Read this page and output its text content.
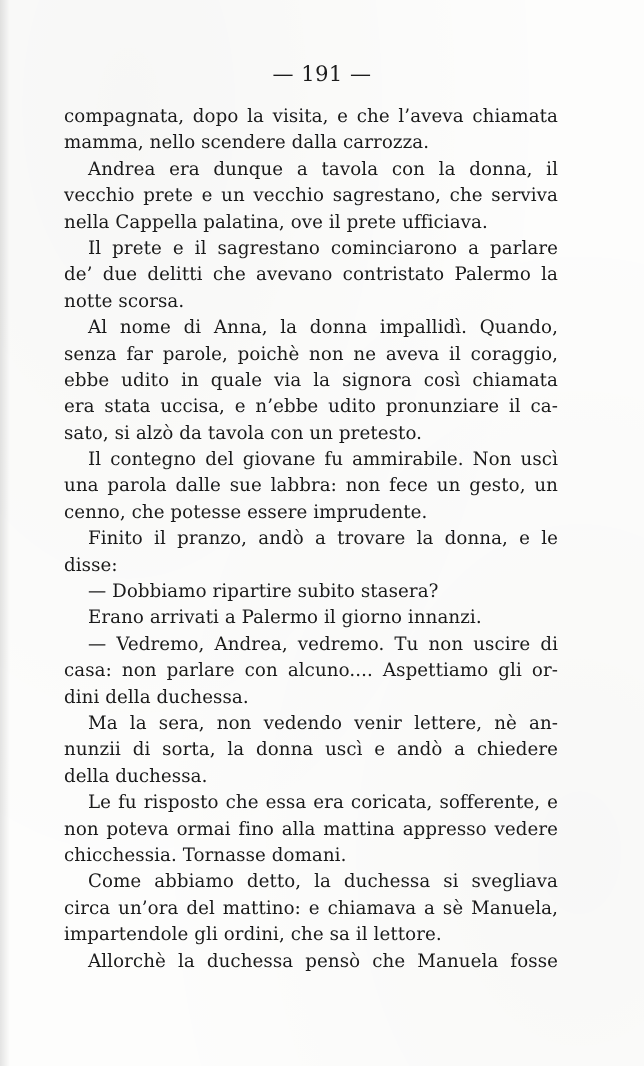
— 191 —
compagnata, dopo la visita, e che l’aveva chiamata
mamma, nello scendere dalla carrozza.
Andrea era dunque a tavola con la donna, il
vecchio prete e un vecchio sagrestano, che serviva
nella Cappella palatina, ove il prete ufficiava.
Il prete e il sagrestano cominciarono a parlare
de’ due delitti che avevano contristato Palermo la
notte scorsa.
Al nome di Anna, la donna impallidì. Quando,
senza far parole, poichè non ne aveva il coraggio,
ebbe udito in quale via la signora così chiamata
era stata uccisa, e n’ebbe udito pronunziare il ca-
sato, si alzò da tavola con un pretesto.
Il contegno del giovane fu ammirabile. Non uscì
una parola dalle sue labbra: non fece un gesto, un
cenno, che potesse essere imprudente.
Finito il pranzo, andò a trovare la donna, e le
disse:
— Dobbiamo ripartire subito stasera?
Erano arrivati a Palermo il giorno innanzi.
— Vedremo, Andrea, vedremo. Tu non uscire di
casa: non parlare con alcuno.... Aspettiamo gli or-
dini della duchessa.
Ma la sera, non vedendo venir lettere, nè an-
nunzii di sorta, la donna uscì e andò a chiedere
della duchessa.
Le fu risposto che essa era coricata, sofferente, e
non poteva ormai fino alla mattina appresso vedere
chicchessia. Tornasse domani.
Come abbiamo detto, la duchessa si svegliava
circa un’ora del mattino: e chiamava a sè Manuela,
impartendole gli ordini, che sa il lettore.
Allorchè la duchessa pensò che Manuela fosse
